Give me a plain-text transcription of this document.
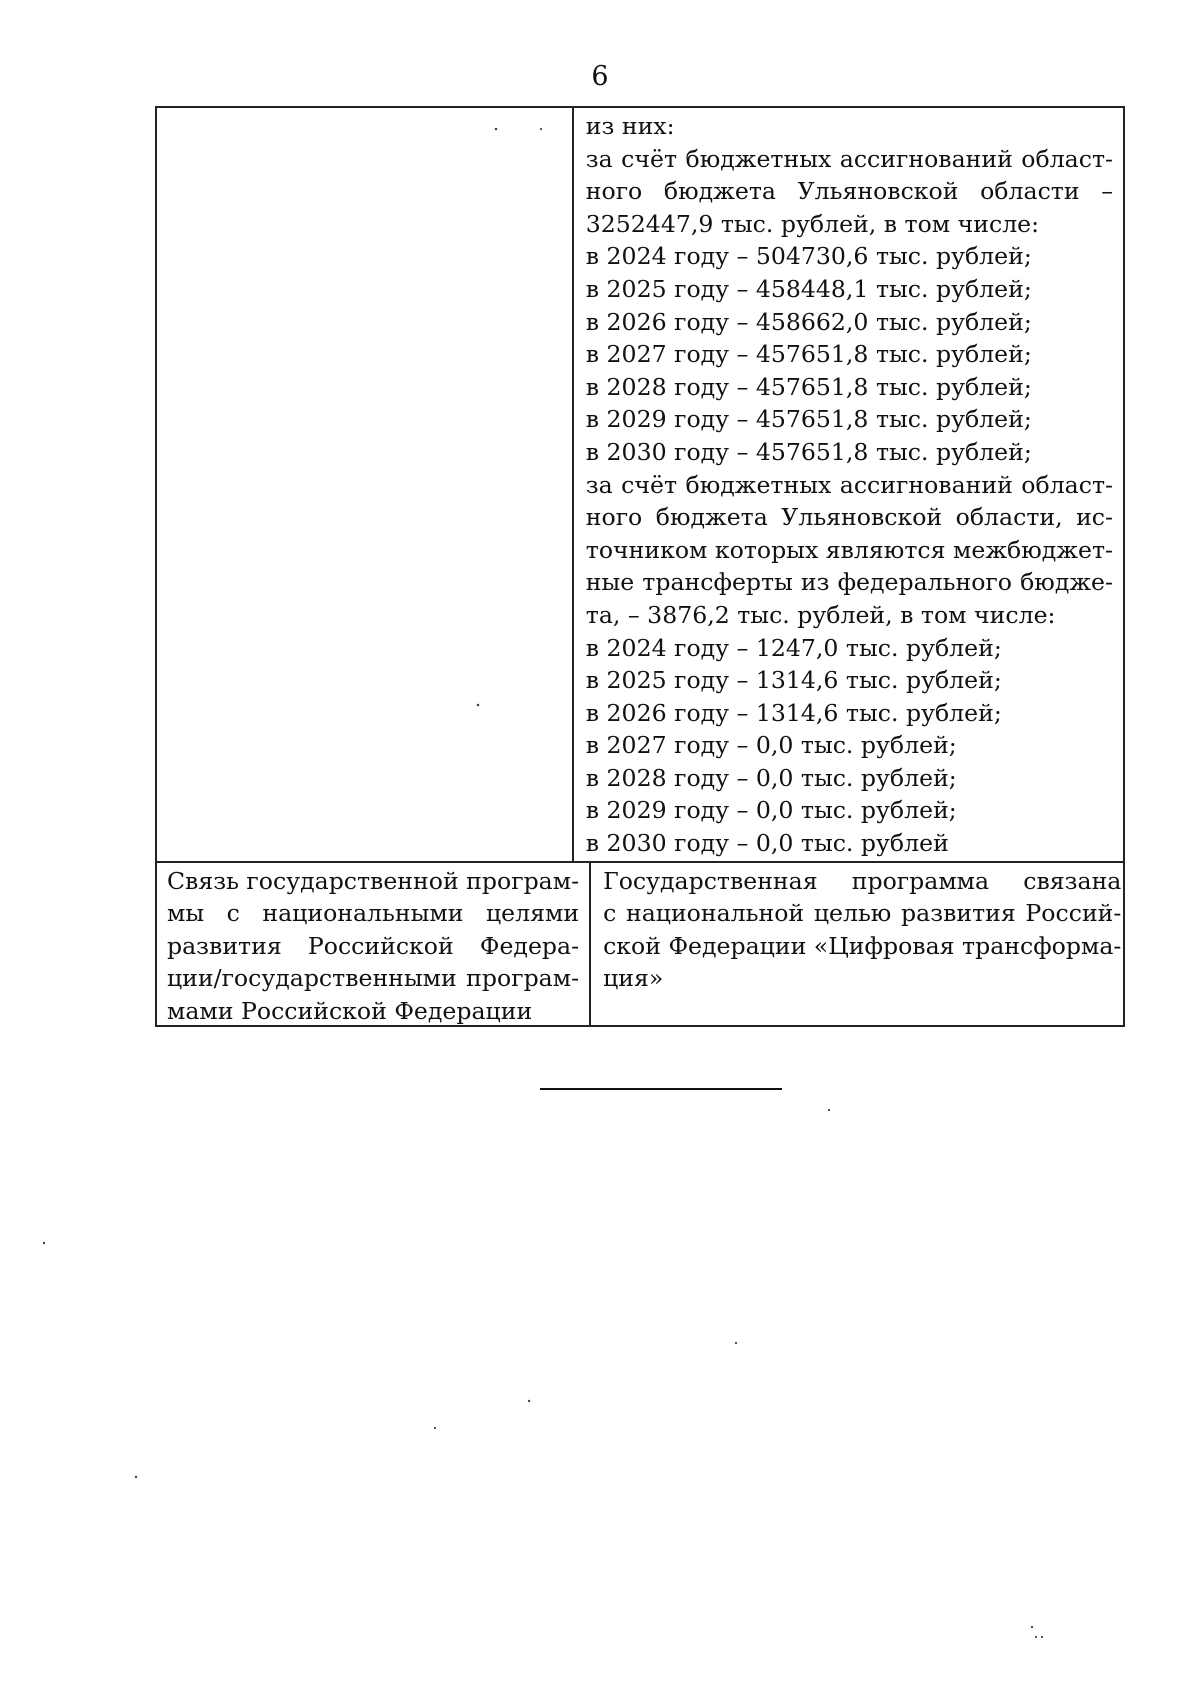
6
из них:
за счёт бюджетных ассигнований област-
ного бюджета Ульяновской области –
3252447,9 тыс. рублей, в том числе:
в 2024 году – 504730,6 тыс. рублей;
в 2025 году – 458448,1 тыс. рублей;
в 2026 году – 458662,0 тыс. рублей;
в 2027 году – 457651,8 тыс. рублей;
в 2028 году – 457651,8 тыс. рублей;
в 2029 году – 457651,8 тыс. рублей;
в 2030 году – 457651,8 тыс. рублей;
за счёт бюджетных ассигнований област-
ного бюджета Ульяновской области, ис-
точником которых являются межбюджет-
ные трансферты из федерального бюдже-
та, – 3876,2 тыс. рублей, в том числе:
в 2024 году – 1247,0 тыс. рублей;
в 2025 году – 1314,6 тыс. рублей;
в 2026 году – 1314,6 тыс. рублей;
в 2027 году – 0,0 тыс. рублей;
в 2028 году – 0,0 тыс. рублей;
в 2029 году – 0,0 тыс. рублей;
в 2030 году – 0,0 тыс. рублей
Связь государственной програм-
мы с национальными целями
развития Российской Федера-
ции/государственными програм-
мами Российской Федерации
Государственная программа связана
с национальной целью развития Россий-
ской Федерации «Цифровая трансформа-
ция»
